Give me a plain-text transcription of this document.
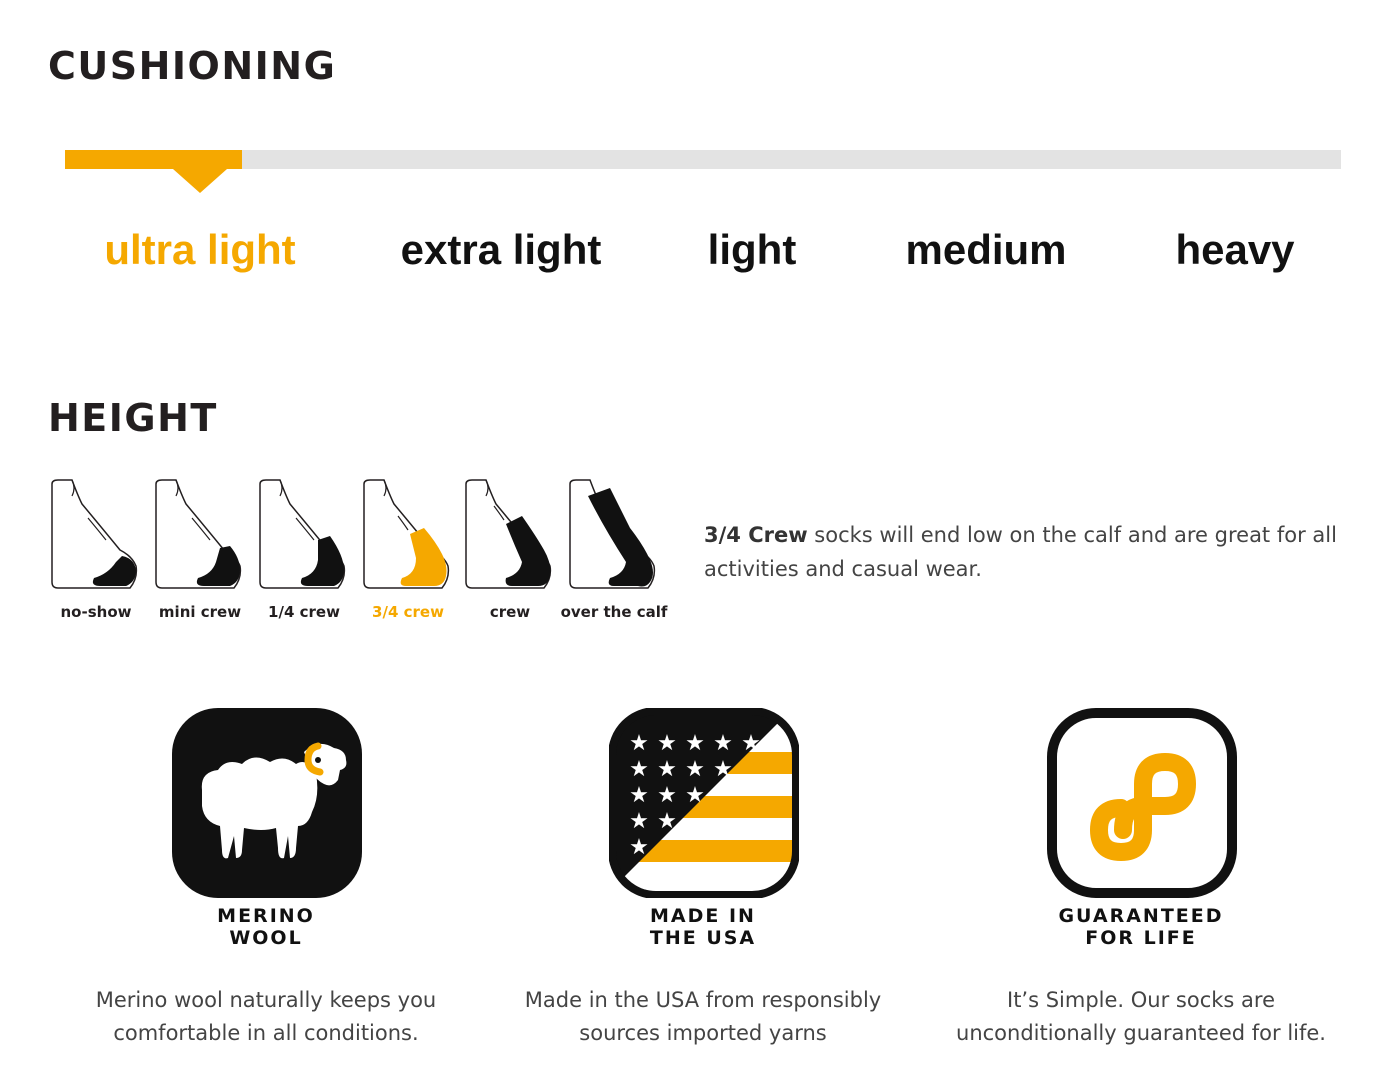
CUSHIONING
ultra light extra light	light	medium	heavy
HEIGHT
no-show mini crew 1/4 crew 3/4 crew	crew over the calf

3/4 Crew socks will end low on the calf and are great for all activities and casual wear.

MERINO
WOOL

Merino wool naturally keeps you comfortable in all conditions.

★ ★ ★ ★ ★
★ ★ ★ ★
★ ★ ★
★ ★
★
MADE IN
THE USA

Made in the USA from responsibly sources imported yarns

GUARANTEED
FOR LIFE

It’s Simple. Our socks are unconditionally guaranteed for life.
